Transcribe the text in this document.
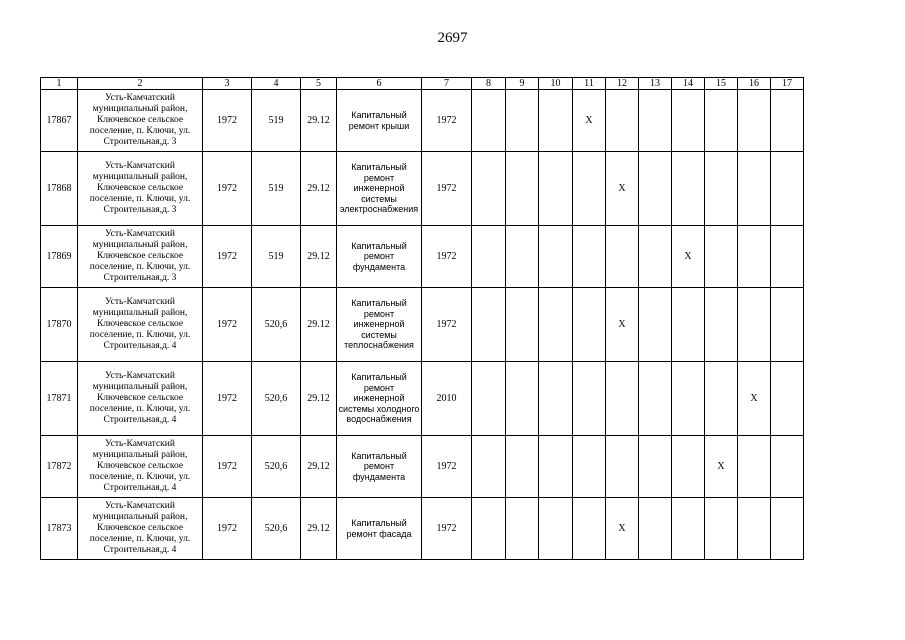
2697
1	2	3	4	5	6	7	8	9	10	11	12	13	14	15	16	17
17867	Усть-Камчатский муниципальный район, Ключевское сельское поселение, п. Ключи, ул. Строительная,д. 3	1972	519	29.12	Капитальный ремонт крыши	1972				X						
17868	Усть-Камчатский муниципальный район, Ключевское сельское поселение, п. Ключи, ул. Строительная,д. 3	1972	519	29.12	Капитальный ремонт инженерной системы электроснабжения	1972					X					
17869	Усть-Камчатский муниципальный район, Ключевское сельское поселение, п. Ключи, ул. Строительная,д. 3	1972	519	29.12	Капитальный ремонт фундамента	1972							X			
17870	Усть-Камчатский муниципальный район, Ключевское сельское поселение, п. Ключи, ул. Строительная,д. 4	1972	520,6	29.12	Капитальный ремонт инженерной системы теплоснабжения	1972					X					
17871	Усть-Камчатский муниципальный район, Ключевское сельское поселение, п. Ключи, ул. Строительная,д. 4	1972	520,6	29.12	Капитальный ремонт инженерной системы холодного водоснабжения	2010									X	
17872	Усть-Камчатский муниципальный район, Ключевское сельское поселение, п. Ключи, ул. Строительная,д. 4	1972	520,6	29.12	Капитальный ремонт фундамента	1972								X		
17873	Усть-Камчатский муниципальный район, Ключевское сельское поселение, п. Ключи, ул. Строительная,д. 4	1972	520,6	29.12	Капитальный ремонт фасада	1972					X					
